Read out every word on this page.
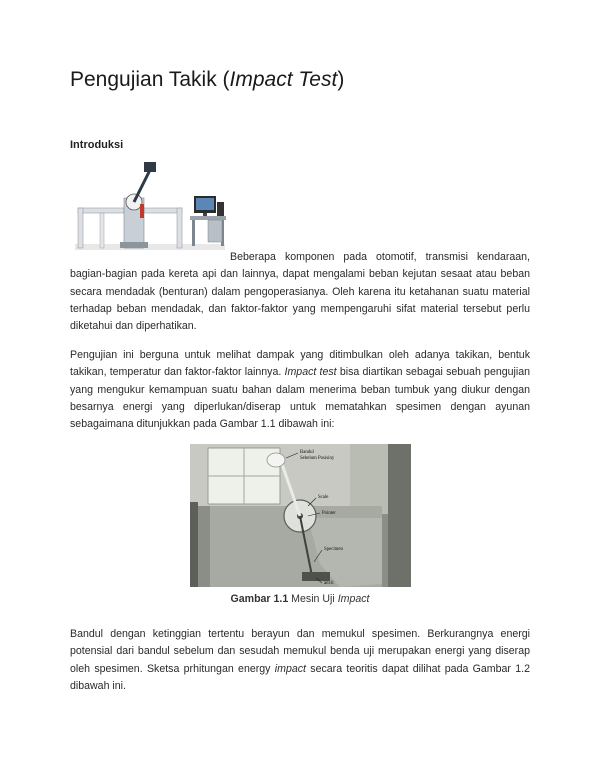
Pengujian Takik (Impact Test)
Introduksi
Beberapa komponen pada otomotif, transmisi kendaraan, bagian-bagian pada kereta api dan lainnya, dapat mengalami beban kejutan sesaat atau beban secara mendadak (benturan) dalam pengoperasianya. Oleh karena itu ketahanan suatu material terhadap beban mendadak, dan faktor-faktor yang mempengaruhi sifat material tersebut perlu diketahui dan diperhatikan.
Pengujian ini berguna untuk melihat dampak yang ditimbulkan oleh adanya takikan, bentuk takikan, temperatur dan faktor-faktor lainnya. Impact test bisa diartikan sebagai sebuah pengujian yang mengukur kemampuan suatu bahan dalam menerima beban tumbuk yang diukur dengan besarnya energi yang diperlukan/diserap untuk mematahkan spesimen dengan ayunan sebagaimana ditunjukkan pada Gambar 1.1 dibawah ini:
Bandul
Sebelum Posisiny
Scale
Pointer
Specimen
anvil
Gambar 1.1 Mesin Uji Impact
Bandul dengan ketinggian tertentu berayun dan memukul spesimen. Berkurangnya energi potensial dari bandul sebelum dan sesudah memukul benda uji merupakan energi yang diserap oleh spesimen. Sketsa prhitungan energy impact secara teoritis dapat dilihat pada Gambar 1.2 dibawah ini.
